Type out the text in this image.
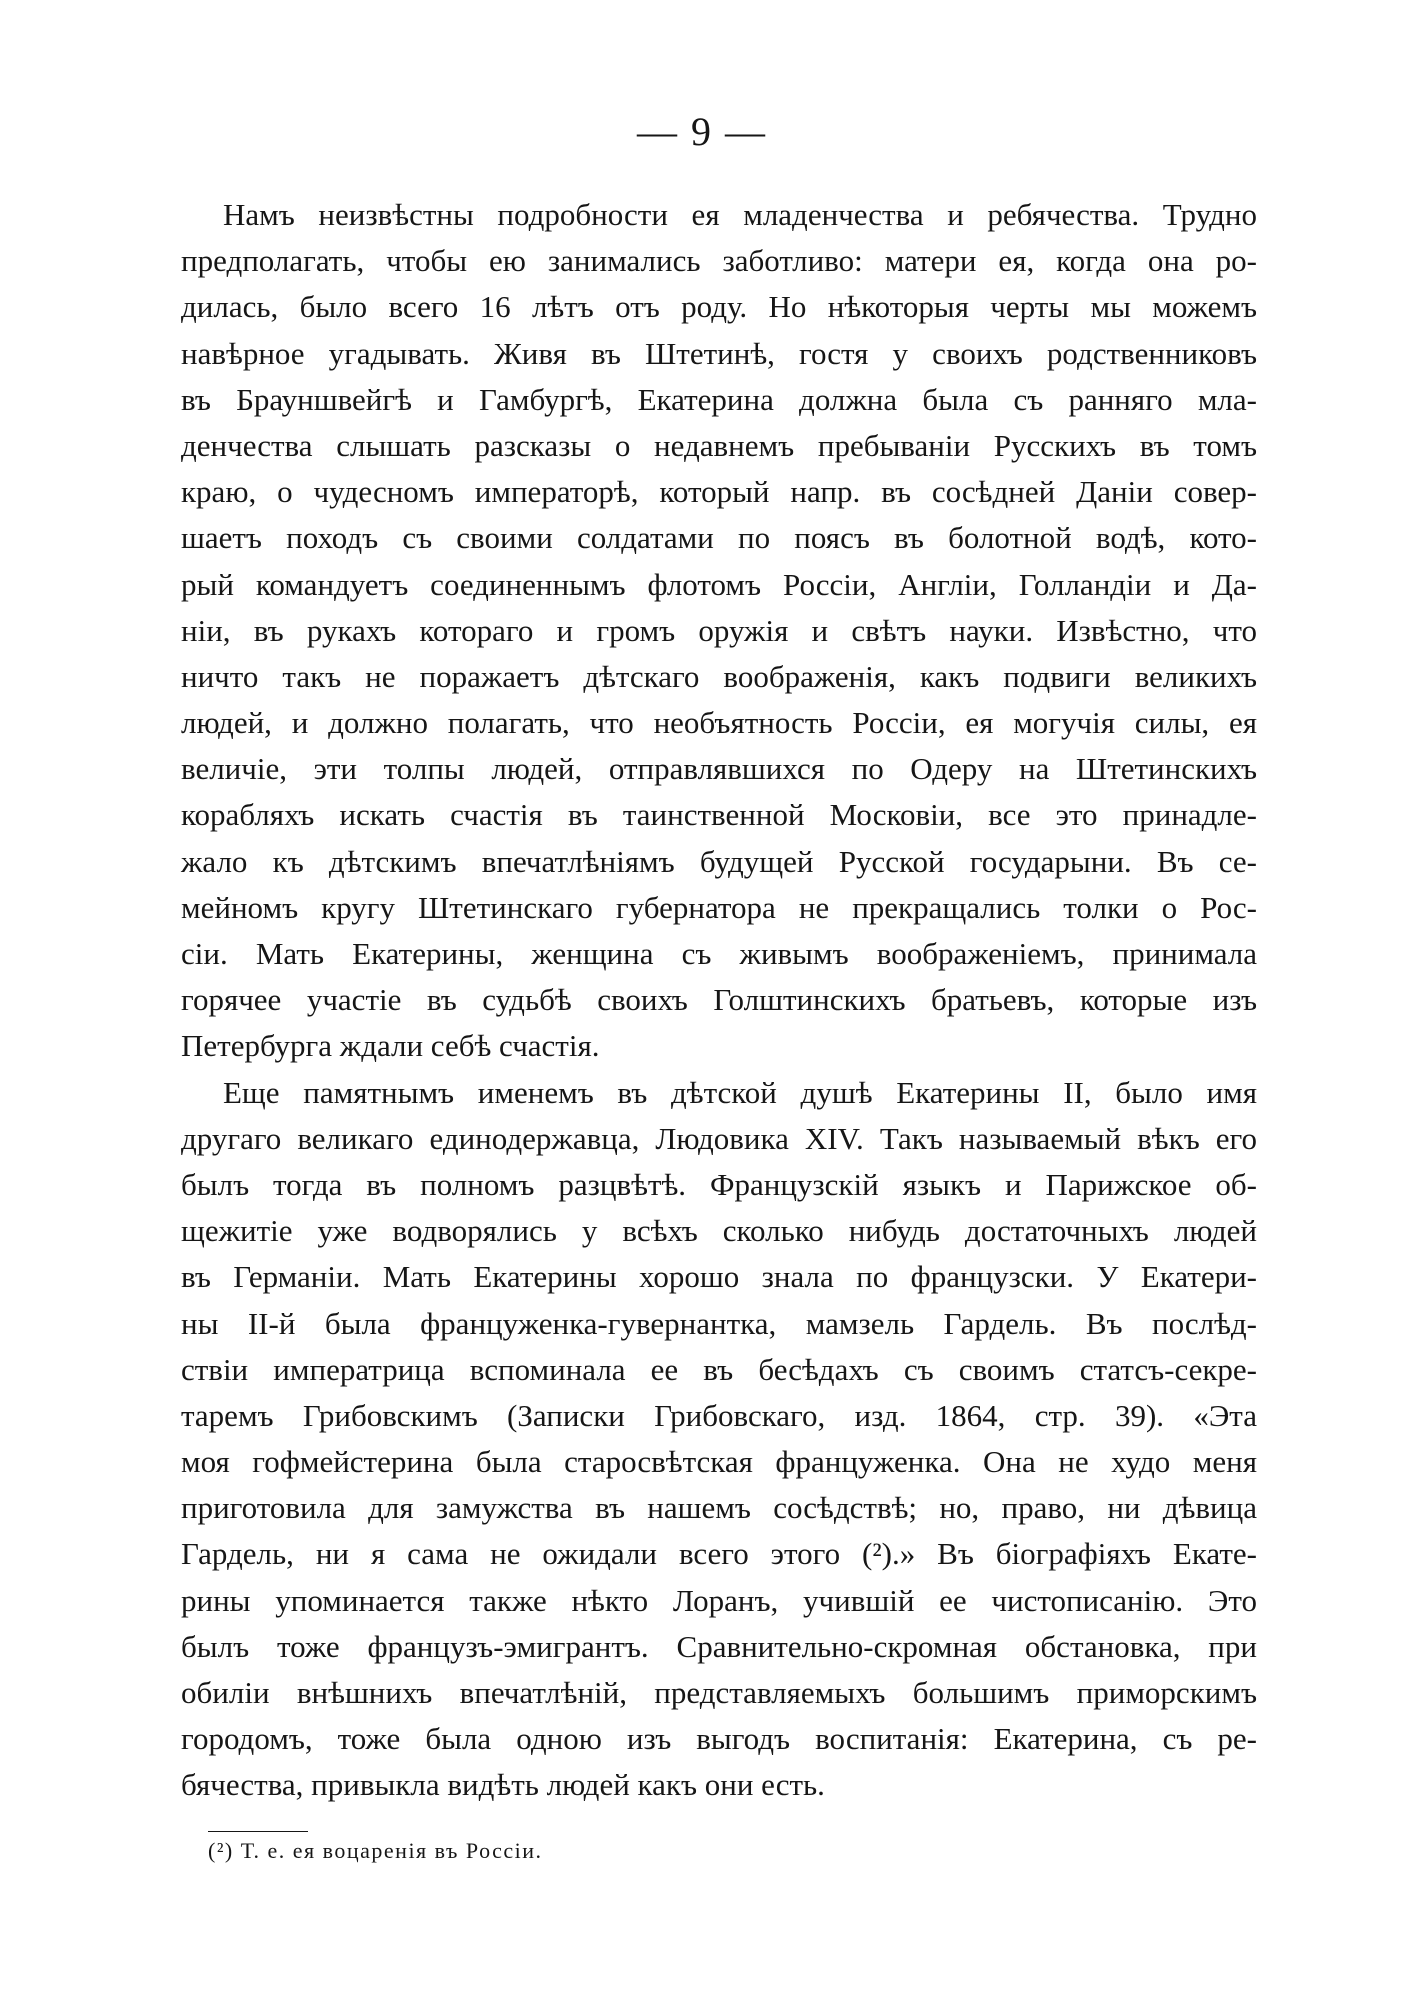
— 9 —
Намъ неизвѣстны подробности ея младенчества и ребячества. Трудно
предполагать, чтобы ею занимались заботливо: матери ея, когда она ро-
дилась, было всего 16 лѣтъ отъ роду. Но нѣкоторыя черты мы можемъ
навѣрное угадывать. Живя въ Штетинѣ, гостя у своихъ родственниковъ
въ Брауншвейгѣ и Гамбургѣ, Екатерина должна была съ ранняго мла-
денчества слышать разсказы о недавнемъ пребываніи Русскихъ въ томъ
краю, о чудесномъ императорѣ, который напр. въ сосѣдней Даніи совер-
шаетъ походъ съ своими солдатами по поясъ въ болотной водѣ, кото-
рый командуетъ соединеннымъ флотомъ Россіи, Англіи, Голландіи и Да-
ніи, въ рукахъ котораго и громъ оружія и свѣтъ науки. Извѣстно, что
ничто такъ не поражаетъ дѣтскаго воображенія, какъ подвиги великихъ
людей, и должно полагать, что необъятность Россіи, ея могучія силы, ея
величіе, эти толпы людей, отправлявшихся по Одеру на Штетинскихъ
корабляхъ искать счастія въ таинственной Московіи, все это принадле-
жало къ дѣтскимъ впечатлѣніямъ будущей Русской государыни. Въ се-
мейномъ кругу Штетинскаго губернатора не прекращались толки о Рос-
сіи. Мать Екатерины, женщина съ живымъ воображеніемъ, принимала
горячее участіе въ судьбѣ своихъ Голштинскихъ братьевъ, которые изъ
Петербурга ждали себѣ счастія.
Еще памятнымъ именемъ въ дѣтской душѣ Екатерины II, было имя
другаго великаго единодержавца, Людовика XIV. Такъ называемый вѣкъ его
былъ тогда въ полномъ разцвѣтѣ. Французскій языкъ и Парижское об-
щежитіе уже водворялись у всѣхъ сколько нибудь достаточныхъ людей
въ Германіи. Мать Екатерины хорошо знала по французски. У Екатери-
ны II-й была француженка-гувернантка, мамзель Гардель. Въ послѣд-
ствіи императрица вспоминала ее въ бесѣдахъ съ своимъ статсъ-секре-
таремъ Грибовскимъ (Записки Грибовскаго, изд. 1864, стр. 39). «Эта
моя гофмейстерина была старосвѣтская француженка. Она не худо меня
приготовила для замужства въ нашемъ сосѣдствѣ; но, право, ни дѣвица
Гардель, ни я сама не ожидали всего этого (²).» Въ біографіяхъ Екате-
рины упоминается также нѣкто Лоранъ, учившій ее чистописанію. Это
былъ тоже французъ-эмигрантъ. Сравнительно-скромная обстановка, при
обиліи внѣшнихъ впечатлѣній, представляемыхъ большимъ приморскимъ
городомъ, тоже была одною изъ выгодъ воспитанія: Екатерина, съ ре-
бячества, привыкла видѣть людей какъ они есть.
(²) Т. е. ея воцаренія въ Россіи.
